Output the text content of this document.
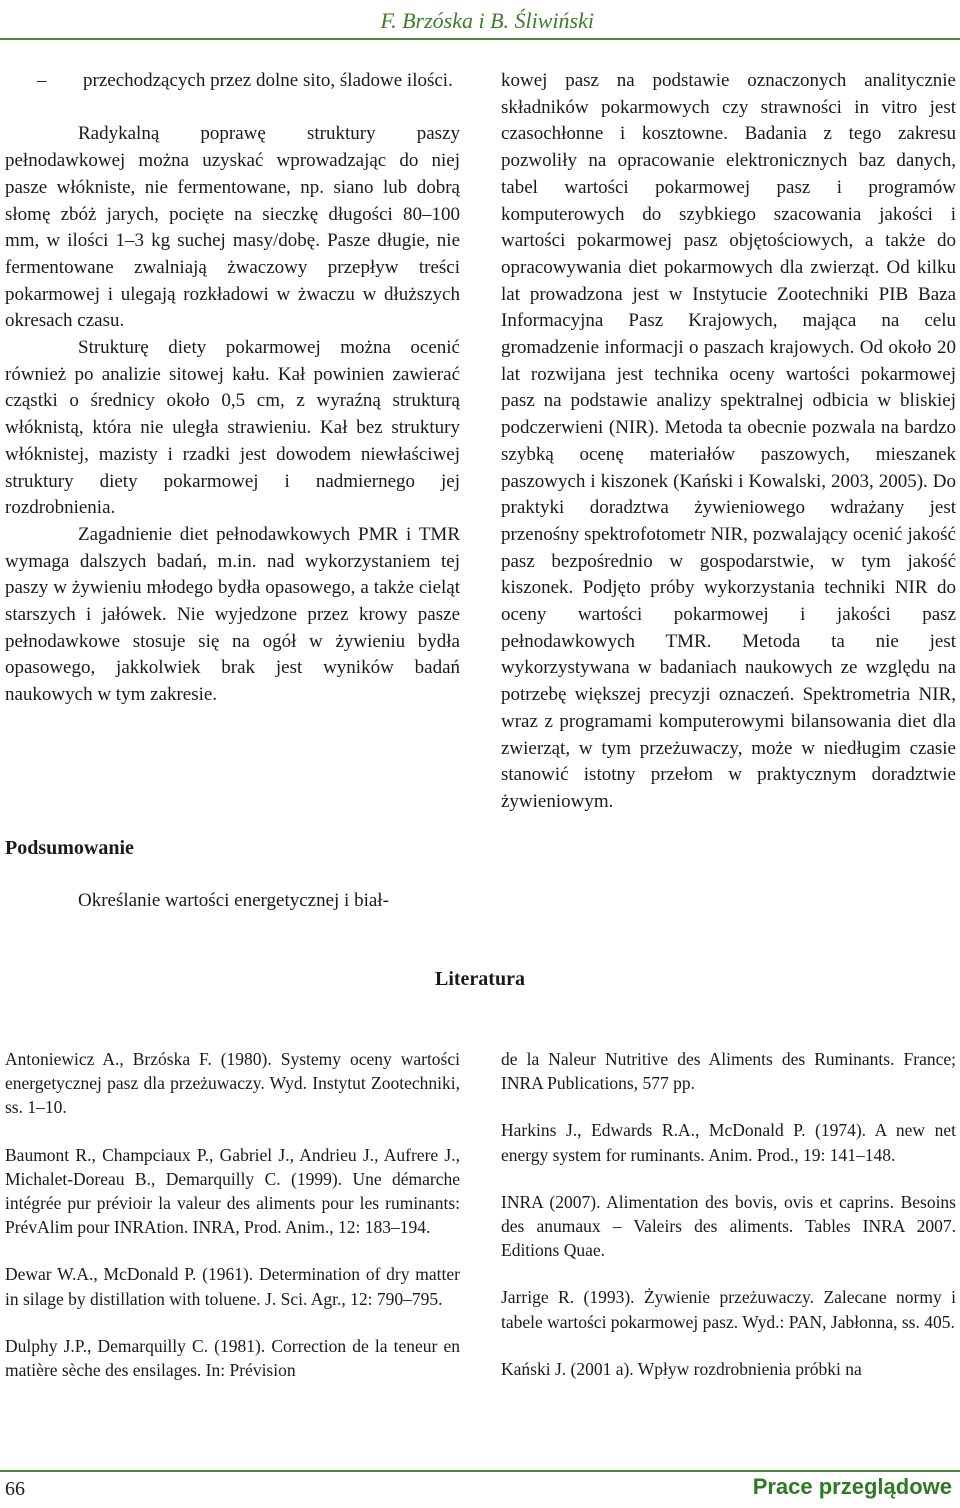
F. Brzóska i B. Śliwiński

– przechodzących przez dolne sito, śladowe ilości.

Radykalną poprawę struktury paszy pełnodawkowej można uzyskać wprowadzając do niej pasze włókniste, nie fermentowane, np. siano lub dobrą słomę zbóż jarych, pocięte na sieczkę długości 80–100 mm, w ilości 1–3 kg suchej masy/dobę. Pasze długie, nie fermentowane zwalniają żwaczowy przepływ treści pokarmowej i ulegają rozkładowi w żwaczu w dłuższych okresach czasu.

Strukturę diety pokarmowej można ocenić również po analizie sitowej kału. Kał powinien zawierać cząstki o średnicy około 0,5 cm, z wyraźną strukturą włóknistą, która nie uległa strawieniu. Kał bez struktury włóknistej, mazisty i rzadki jest dowodem niewłaściwej struktury diety pokarmowej i nadmiernego jej rozdrobnienia.

Zagadnienie diet pełnodawkowych PMR i TMR wymaga dalszych badań, m.in. nad wykorzystaniem tej paszy w żywieniu młodego bydła opasowego, a także cieląt starszych i jałówek. Nie wyjedzone przez krowy pasze pełnodawkowe stosuje się na ogół w żywieniu bydła opasowego, jakkolwiek brak jest wyników badań naukowych w tym zakresie.

Podsumowanie
Określanie wartości energetycznej i biał-

kowej pasz na podstawie oznaczonych analitycznie składników pokarmowych czy strawności in vitro jest czasochłonne i kosztowne. Badania z tego zakresu pozwoliły na opracowanie elektronicznych baz danych, tabel wartości pokarmowej pasz i programów komputerowych do szybkiego szacowania jakości i wartości pokarmowej pasz objętościowych, a także do opracowywania diet pokarmowych dla zwierząt. Od kilku lat prowadzona jest w Instytucie Zootechniki PIB Baza Informacyjna Pasz Krajowych, mająca na celu gromadzenie informacji o paszach krajowych. Od około 20 lat rozwijana jest technika oceny wartości pokarmowej pasz na podstawie analizy spektralnej odbicia w bliskiej podczerwieni (NIR). Metoda ta obecnie pozwala na bardzo szybką ocenę materiałów paszowych, mieszanek paszowych i kiszonek (Kański i Kowalski, 2003, 2005). Do praktyki doradztwa żywieniowego wdrażany jest przenośny spektrofotometr NIR, pozwalający ocenić jakość pasz bezpośrednio w gospodarstwie, w tym jakość kiszonek. Podjęto próby wykorzystania techniki NIR do oceny wartości pokarmowej i jakości pasz pełnodawkowych TMR. Metoda ta nie jest wykorzystywana w badaniach naukowych ze względu na potrzebę większej precyzji oznaczeń. Spektrometria NIR, wraz z programami komputerowymi bilansowania diet dla zwierząt, w tym przeżuwaczy, może w niedługim czasie stanowić istotny przełom w praktycznym doradztwie żywieniowym.

Literatura

Antoniewicz A., Brzóska F. (1980). Systemy oceny wartości energetycznej pasz dla przeżuwaczy. Wyd. Instytut Zootechniki, ss. 1–10.

Baumont R., Champciaux P., Gabriel J., Andrieu J., Aufrere J., Michalet-Doreau B., Demarquilly C. (1999). Une démarche intégrée pur prévioir la valeur des aliments pour les ruminants: PrévAlim pour INRAtion. INRA, Prod. Anim., 12: 183–194.

Dewar W.A., McDonald P. (1961). Determination of dry matter in silage by distillation with toluene. J. Sci. Agr., 12: 790–795.

Dulphy J.P., Demarquilly C. (1981). Correction de la teneur en matière sèche des ensilages. In: Prévision

de la Naleur Nutritive des Aliments des Ruminants. France; INRA Publications, 577 pp.

Harkins J., Edwards R.A., McDonald P. (1974). A new net energy system for ruminants. Anim. Prod., 19: 141–148.

INRA (2007). Alimentation des bovis, ovis et caprins. Besoins des anumaux – Valeirs des aliments. Tables INRA 2007. Editions Quae.

Jarrige R. (1993). Żywienie przeżuwaczy. Zalecane normy i tabele wartości pokarmowej pasz. Wyd.: PAN, Jabłonna, ss. 405.

Kański J. (2001 a). Wpływ rozdrobnienia próbki na

66	Prace przeglądowe
